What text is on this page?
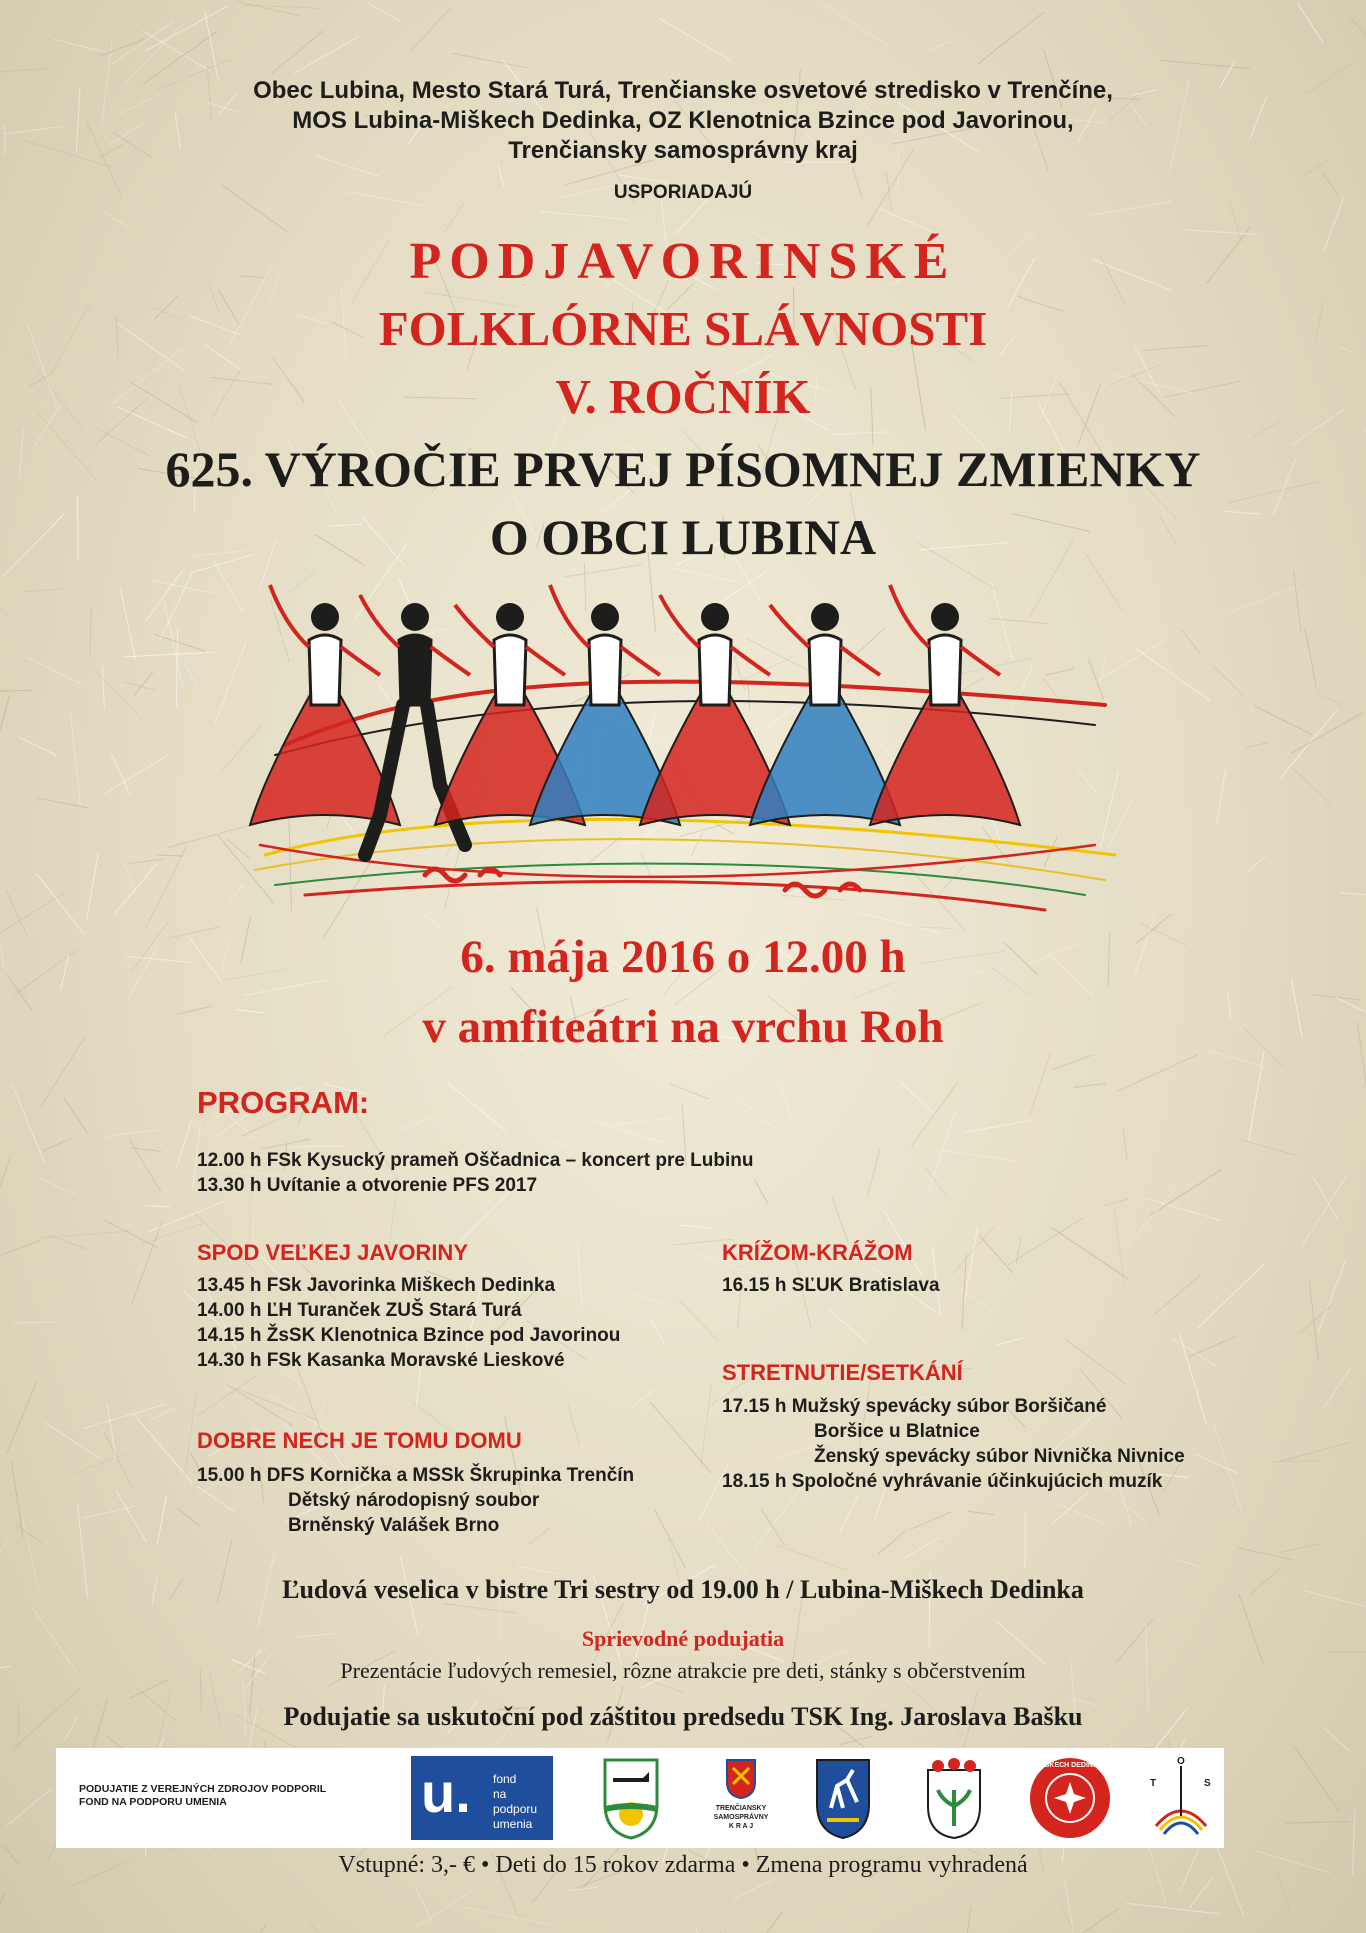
Obec Lubina, Mesto Stará Turá, Trenčianske osvetové stredisko v Trenčíne,
MOS Lubina-Miškech Dedinka, OZ Klenotnica Bzince pod Javorinou,
Trenčiansky samosprávny kraj
USPORIADAJÚ
PODJAVORINSKÉ
FOLKLÓRNE SLÁVNOSTI
V. ROČNÍK
625. VÝROČIE PRVEJ PÍSOMNEJ ZMIENKY
O OBCI LUBINA
6. mája 2016 o 12.00 h
v amfiteátri na vrchu Roh
PROGRAM:
12.00 h FSk Kysucký prameň Oščadnica – koncert pre Lubinu
13.30 h Uvítanie a otvorenie PFS 2017
SPOD VEĽKEJ JAVORINY
13.45 h FSk Javorinka Miškech Dedinka
14.00 h ĽH Turanček ZUŠ Stará Turá
14.15 h ŽsSK Klenotnica Bzince pod Javorinou
14.30 h FSk Kasanka Moravské Lieskové
DOBRE NECH JE TOMU DOMU
15.00 h DFS Kornička a MSSk Škrupinka Trenčín
Dětský národopisný soubor
Brněnský Valášek Brno
KRÍŽOM-KRÁŽOM
16.15 h SĽUK Bratislava
STRETNUTIE/SETKÁNÍ
17.15 h Mužský spevácky súbor Boršičané
Boršice u Blatnice
Ženský spevácky súbor Nivnička Nivnice
18.15 h Spoločné vyhrávanie účinkujúcich muzík
Ľudová veselica v bistre Tri sestry od 19.00 h / Lubina-Miškech Dedinka
Sprievodné podujatia
Prezentácie ľudových remesiel, rôzne atrakcie pre deti, stánky s občerstvením
Podujatie sa uskutoční pod záštitou predsedu TSK Ing. Jaroslava Bašku
PODUJATIE Z VEREJNÝCH ZDROJOV PODPORIL
FOND NA PODPORU UMENIA	u. fond
na podporu
umenia
TRENČIANSKY
SAMOSPRÁVNY
K R A J
MIŠKECH DEDINKA
T
O
S
Vstupné: 3,- € • Deti do 15 rokov zdarma • Zmena programu vyhradená
